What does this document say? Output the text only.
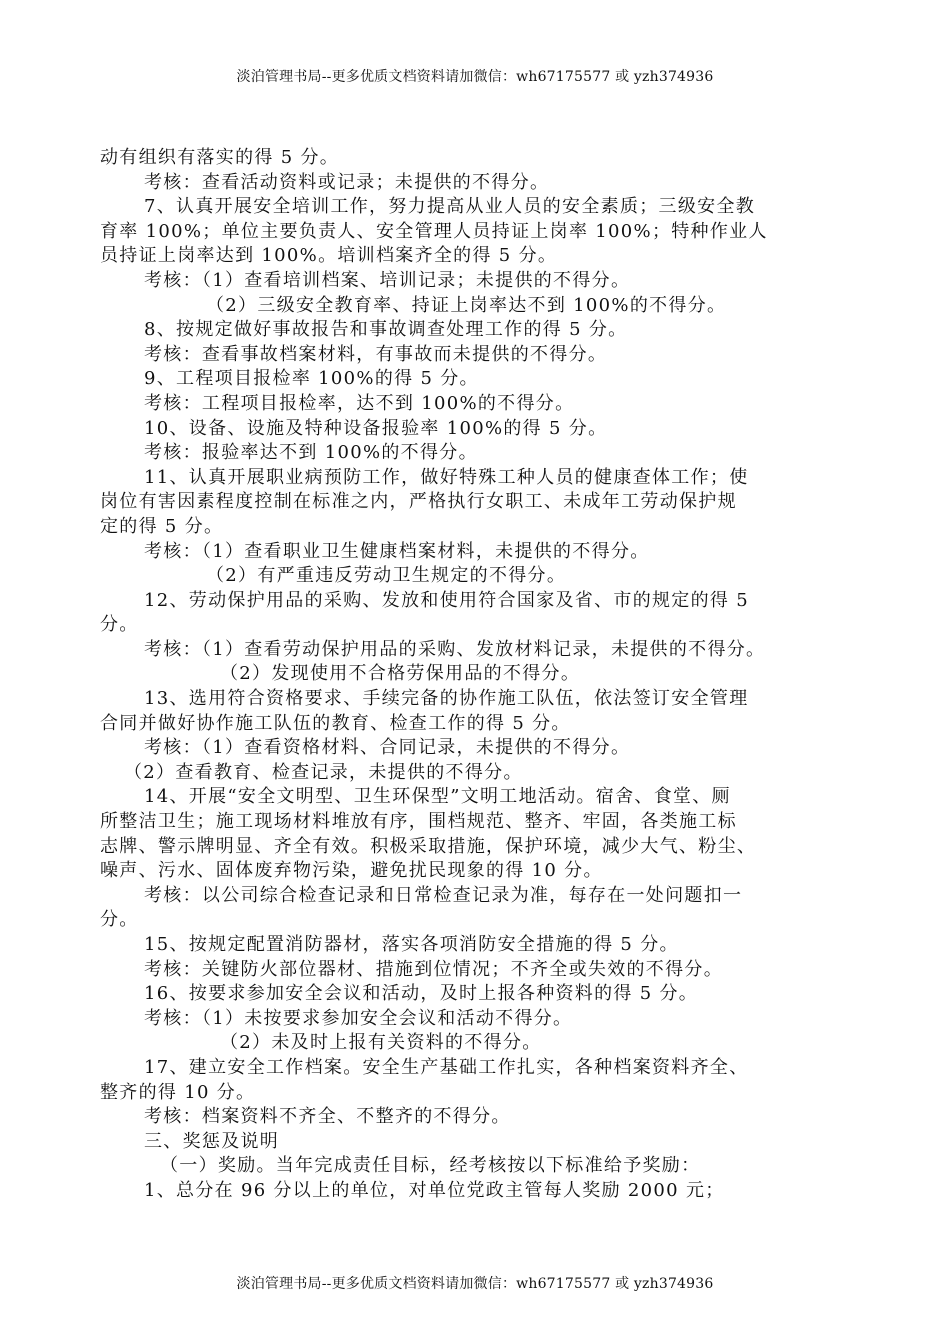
淡泊管理书局--更多优质文档资料请加微信：wh67175577 或 yzh374936
动有组织有落实的得 5 分。
考核：查看活动资料或记录；未提供的不得分。
7、认真开展安全培训工作，努力提高从业人员的安全素质；三级安全教
育率 100%；单位主要负责人、安全管理人员持证上岗率 100%；特种作业人
员持证上岗率达到 100%。培训档案齐全的得 5 分。
考核：（1）查看培训档案、培训记录；未提供的不得分。
（2）三级安全教育率、持证上岗率达不到 100%的不得分。
8、按规定做好事故报告和事故调查处理工作的得 5 分。
考核：查看事故档案材料，有事故而未提供的不得分。
9、工程项目报检率 100%的得 5 分。
考核：工程项目报检率，达不到 100%的不得分。
10、设备、设施及特种设备报验率 100%的得 5 分。
考核：报验率达不到 100%的不得分。
11、认真开展职业病预防工作，做好特殊工种人员的健康查体工作；使
岗位有害因素程度控制在标准之内，严格执行女职工、未成年工劳动保护规
定的得 5 分。
考核：（1）查看职业卫生健康档案材料，未提供的不得分。
（2）有严重违反劳动卫生规定的不得分。
12、劳动保护用品的采购、发放和使用符合国家及省、市的规定的得 5
分。
考核：（1）查看劳动保护用品的采购、发放材料记录，未提供的不得分。
（2）发现使用不合格劳保用品的不得分。
13、选用符合资格要求、手续完备的协作施工队伍，依法签订安全管理
合同并做好协作施工队伍的教育、检查工作的得 5 分。
考核：（1）查看资格材料、合同记录，未提供的不得分。
（2）查看教育、检查记录，未提供的不得分。
14、开展“安全文明型、卫生环保型”文明工地活动。宿舍、食堂、厕
所整洁卫生；施工现场材料堆放有序，围档规范、整齐、牢固，各类施工标
志牌、警示牌明显、齐全有效。积极采取措施，保护环境，减少大气、粉尘、
噪声、污水、固体废弃物污染，避免扰民现象的得 10 分。
考核：以公司综合检查记录和日常检查记录为准，每存在一处问题扣一
分。
15、按规定配置消防器材，落实各项消防安全措施的得 5 分。
考核：关键防火部位器材、措施到位情况；不齐全或失效的不得分。
16、按要求参加安全会议和活动，及时上报各种资料的得 5 分。
考核：（1）未按要求参加安全会议和活动不得分。
（2）未及时上报有关资料的不得分。
17、建立安全工作档案。安全生产基础工作扎实，各种档案资料齐全、
整齐的得 10 分。
考核：档案资料不齐全、不整齐的不得分。
三、奖惩及说明
（一）奖励。当年完成责任目标，经考核按以下标准给予奖励：
1、总分在 96 分以上的单位，对单位党政主管每人奖励 2000 元；
淡泊管理书局--更多优质文档资料请加微信：wh67175577 或 yzh374936
